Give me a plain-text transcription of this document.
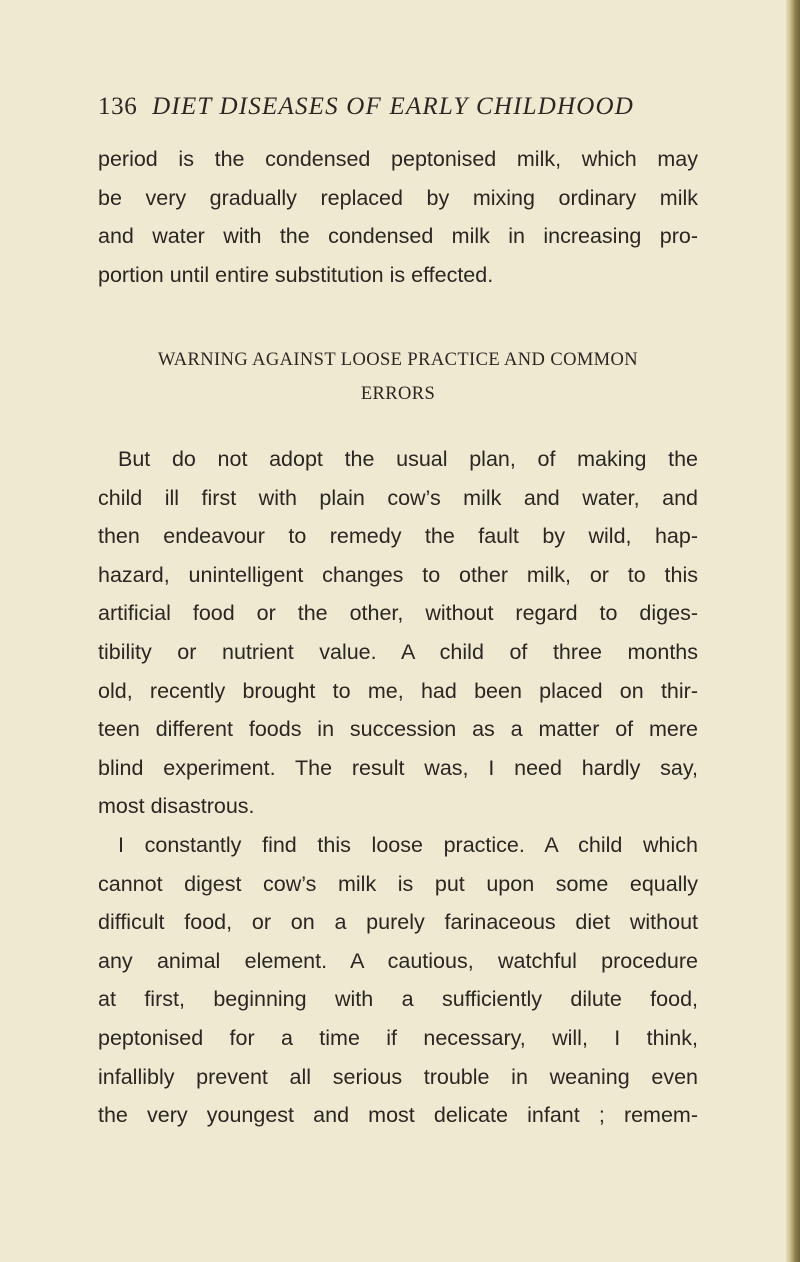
136 DIET DISEASES OF EARLY CHILDHOOD
period is the condensed peptonised milk, which may
be very gradually replaced by mixing ordinary milk
and water with the condensed milk in increasing pro-
portion until entire substitution is effected.
WARNING AGAINST LOOSE PRACTICE AND COMMON
ERRORS
But do not adopt the usual plan, of making the
child ill first with plain cow’s milk and water, and
then endeavour to remedy the fault by wild, hap-
hazard, unintelligent changes to other milk, or to this
artificial food or the other, without regard to diges-
tibility or nutrient value. A child of three months
old, recently brought to me, had been placed on thir-
teen different foods in succession as a matter of mere
blind experiment. The result was, I need hardly say,
most disastrous.
I constantly find this loose practice. A child which
cannot digest cow’s milk is put upon some equally
difficult food, or on a purely farinaceous diet without
any animal element. A cautious, watchful procedure
at first, beginning with a sufficiently dilute food,
peptonised for a time if necessary, will, I think,
infallibly prevent all serious trouble in weaning even
the very youngest and most delicate infant ; remem-
